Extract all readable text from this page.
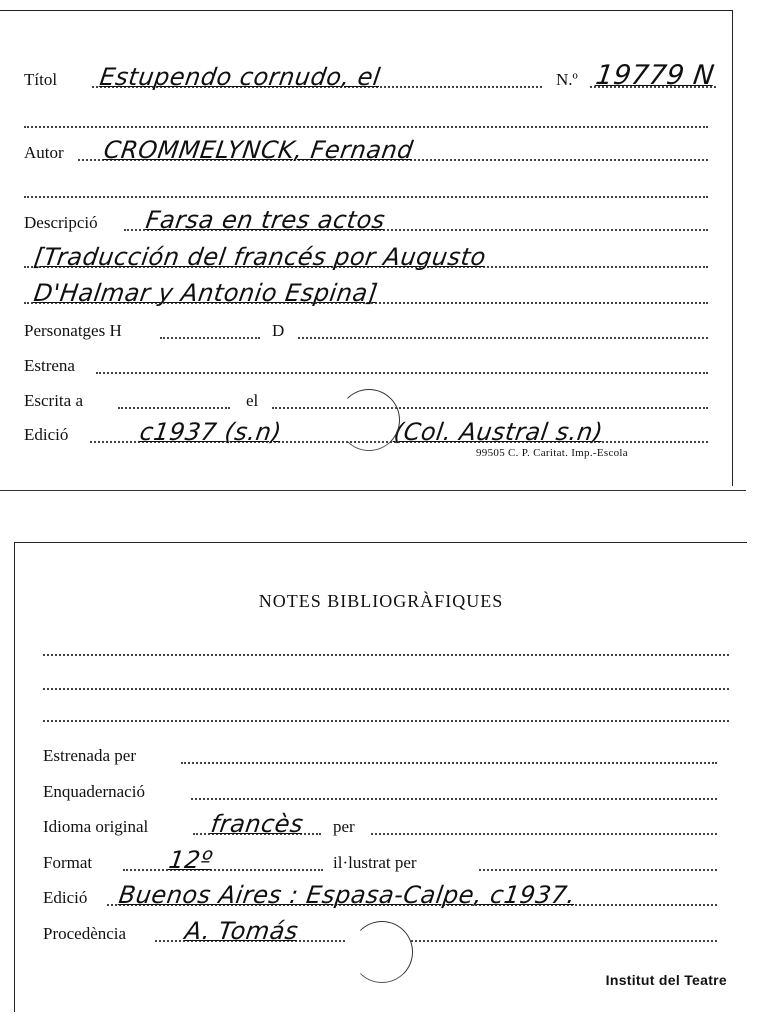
Títol Estupendo cornudo, el	N.º 19779 N
Autor CROMMELYNCK, Fernand
Descripció Farsa en tres actos
[Traducción del francés por Augusto
D'Halmar y Antonio Espina]
Personatges H	D
Estrena
Escrita a	el
Edició	c1937 (s.n)	(Col. Austral s.n)
99505 C. P. Caritat. Imp.-Escola
NOTES BIBLIOGRÀFIQUES
Estrenada per
Enquadernació
Idioma original	francès per
Format	12º	il·lustrat per
Edició Buenos Aires : Espasa-Calpe, c1937.
Procedència A. Tomás
Institut del Teatre
